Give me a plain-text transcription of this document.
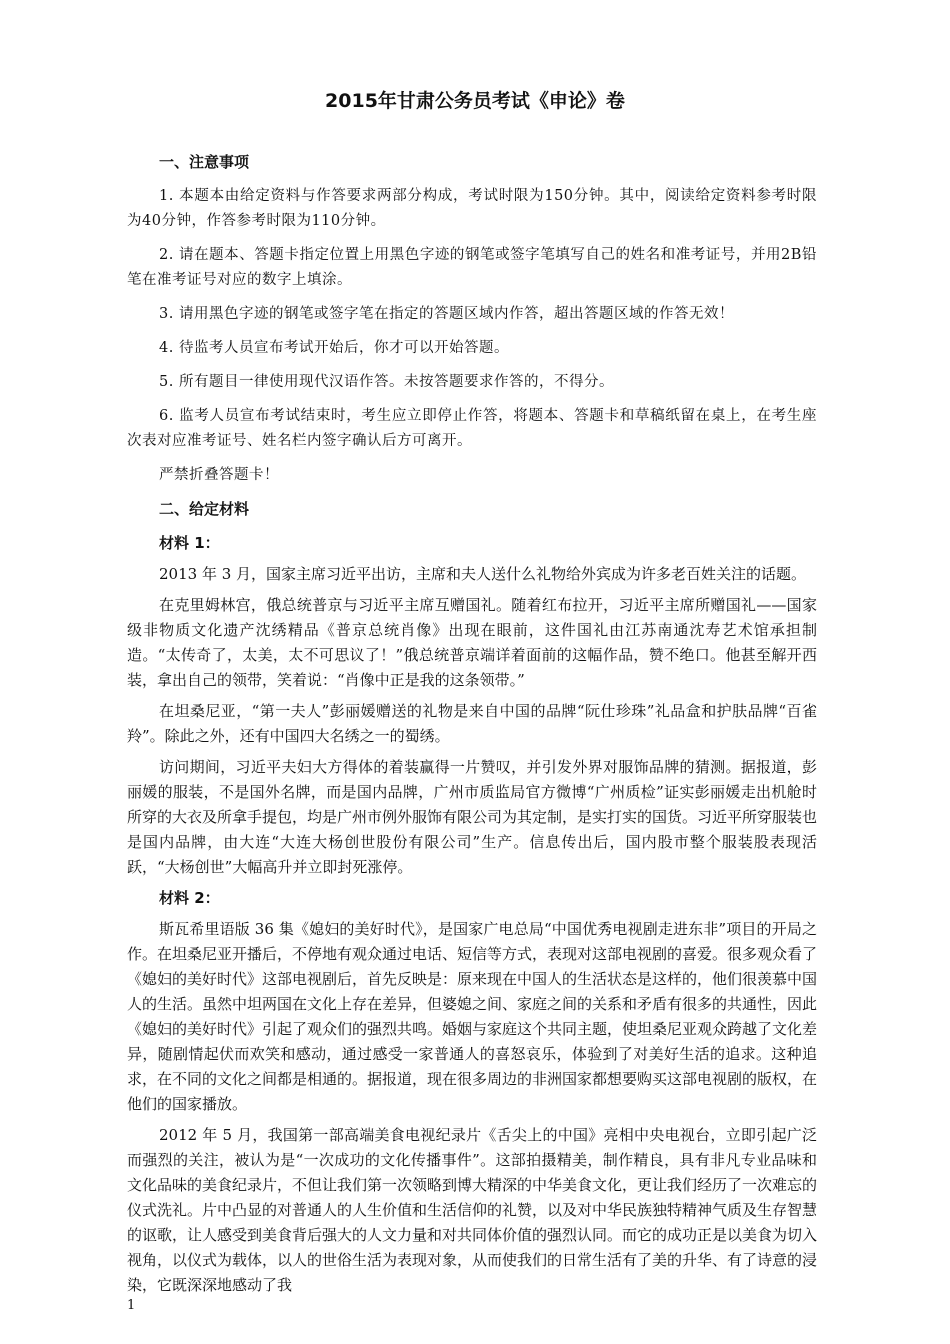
2015年甘肃公务员考试《申论》卷
一、注意事项

1. 本题本由给定资料与作答要求两部分构成，考试时限为150分钟。其中，阅读给定资料参考时限为40分钟，作答参考时限为110分钟。

2. 请在题本、答题卡指定位置上用黑色字迹的钢笔或签字笔填写自己的姓名和准考证号，并用2B铅笔在准考证号对应的数字上填涂。

3. 请用黑色字迹的钢笔或签字笔在指定的答题区域内作答，超出答题区域的作答无效！

4. 待监考人员宣布考试开始后，你才可以开始答题。

5. 所有题目一律使用现代汉语作答。未按答题要求作答的，不得分。

6. 监考人员宣布考试结束时，考生应立即停止作答，将题本、答题卡和草稿纸留在桌上，在考生座次表对应准考证号、姓名栏内签字确认后方可离开。

严禁折叠答题卡！

二、给定材料
材料 1：

2013 年 3 月，国家主席习近平出访，主席和夫人送什么礼物给外宾成为许多老百姓关注的话题。

在克里姆林宫，俄总统普京与习近平主席互赠国礼。随着红布拉开，习近平主席所赠国礼——国家级非物质文化遗产沈绣精品《普京总统肖像》出现在眼前，这件国礼由江苏南通沈寿艺术馆承担制造。“太传奇了，太美，太不可思议了！”俄总统普京端详着面前的这幅作品，赞不绝口。他甚至解开西装，拿出自己的领带，笑着说：“肖像中正是我的这条领带。”

在坦桑尼亚，“第一夫人”彭丽媛赠送的礼物是来自中国的品牌“阮仕珍珠”礼品盒和护肤品牌“百雀羚”。除此之外，还有中国四大名绣之一的蜀绣。

访问期间，习近平夫妇大方得体的着装赢得一片赞叹，并引发外界对服饰品牌的猜测。据报道，彭丽媛的服装，不是国外名牌，而是国内品牌，广州市质监局官方微博“广州质检”证实彭丽媛走出机舱时所穿的大衣及所拿手提包，均是广州市例外服饰有限公司为其定制，是实打实的国货。习近平所穿服装也是国内品牌，由大连“大连大杨创世股份有限公司”生产。信息传出后，国内股市整个服装股表现活跃，“大杨创世”大幅高升并立即封死涨停。

材料 2：

斯瓦希里语版 36 集《媳妇的美好时代》，是国家广电总局“中国优秀电视剧走进东非”项目的开局之作。在坦桑尼亚开播后，不停地有观众通过电话、短信等方式，表现对这部电视剧的喜爱。很多观众看了《媳妇的美好时代》这部电视剧后，首先反映是：原来现在中国人的生活状态是这样的，他们很羡慕中国人的生活。虽然中坦两国在文化上存在差异，但婆媳之间、家庭之间的关系和矛盾有很多的共通性，因此《媳妇的美好时代》引起了观众们的强烈共鸣。婚姻与家庭这个共同主题，使坦桑尼亚观众跨越了文化差异，随剧情起伏而欢笑和感动，通过感受一家普通人的喜怒哀乐，体验到了对美好生活的追求。这种追求，在不同的文化之间都是相通的。据报道，现在很多周边的非洲国家都想要购买这部电视剧的版权，在他们的国家播放。

2012 年 5 月，我国第一部高端美食电视纪录片《舌尖上的中国》亮相中央电视台，立即引起广泛而强烈的关注，被认为是“一次成功的文化传播事件”。这部拍摄精美，制作精良，具有非凡专业品味和文化品味的美食纪录片，不但让我们第一次领略到博大精深的中华美食文化，更让我们经历了一次难忘的仪式洗礼。片中凸显的对普通人的人生价值和生活信仰的礼赞，以及对中华民族独特精神气质及生存智慧的讴歌，让人感受到美食背后强大的人文力量和对共同体价值的强烈认同。而它的成功正是以美食为切入视角，以仪式为载体，以人的世俗生活为表现对象，从而使我们的日常生活有了美的升华、有了诗意的浸染，它既深深地感动了我

1
